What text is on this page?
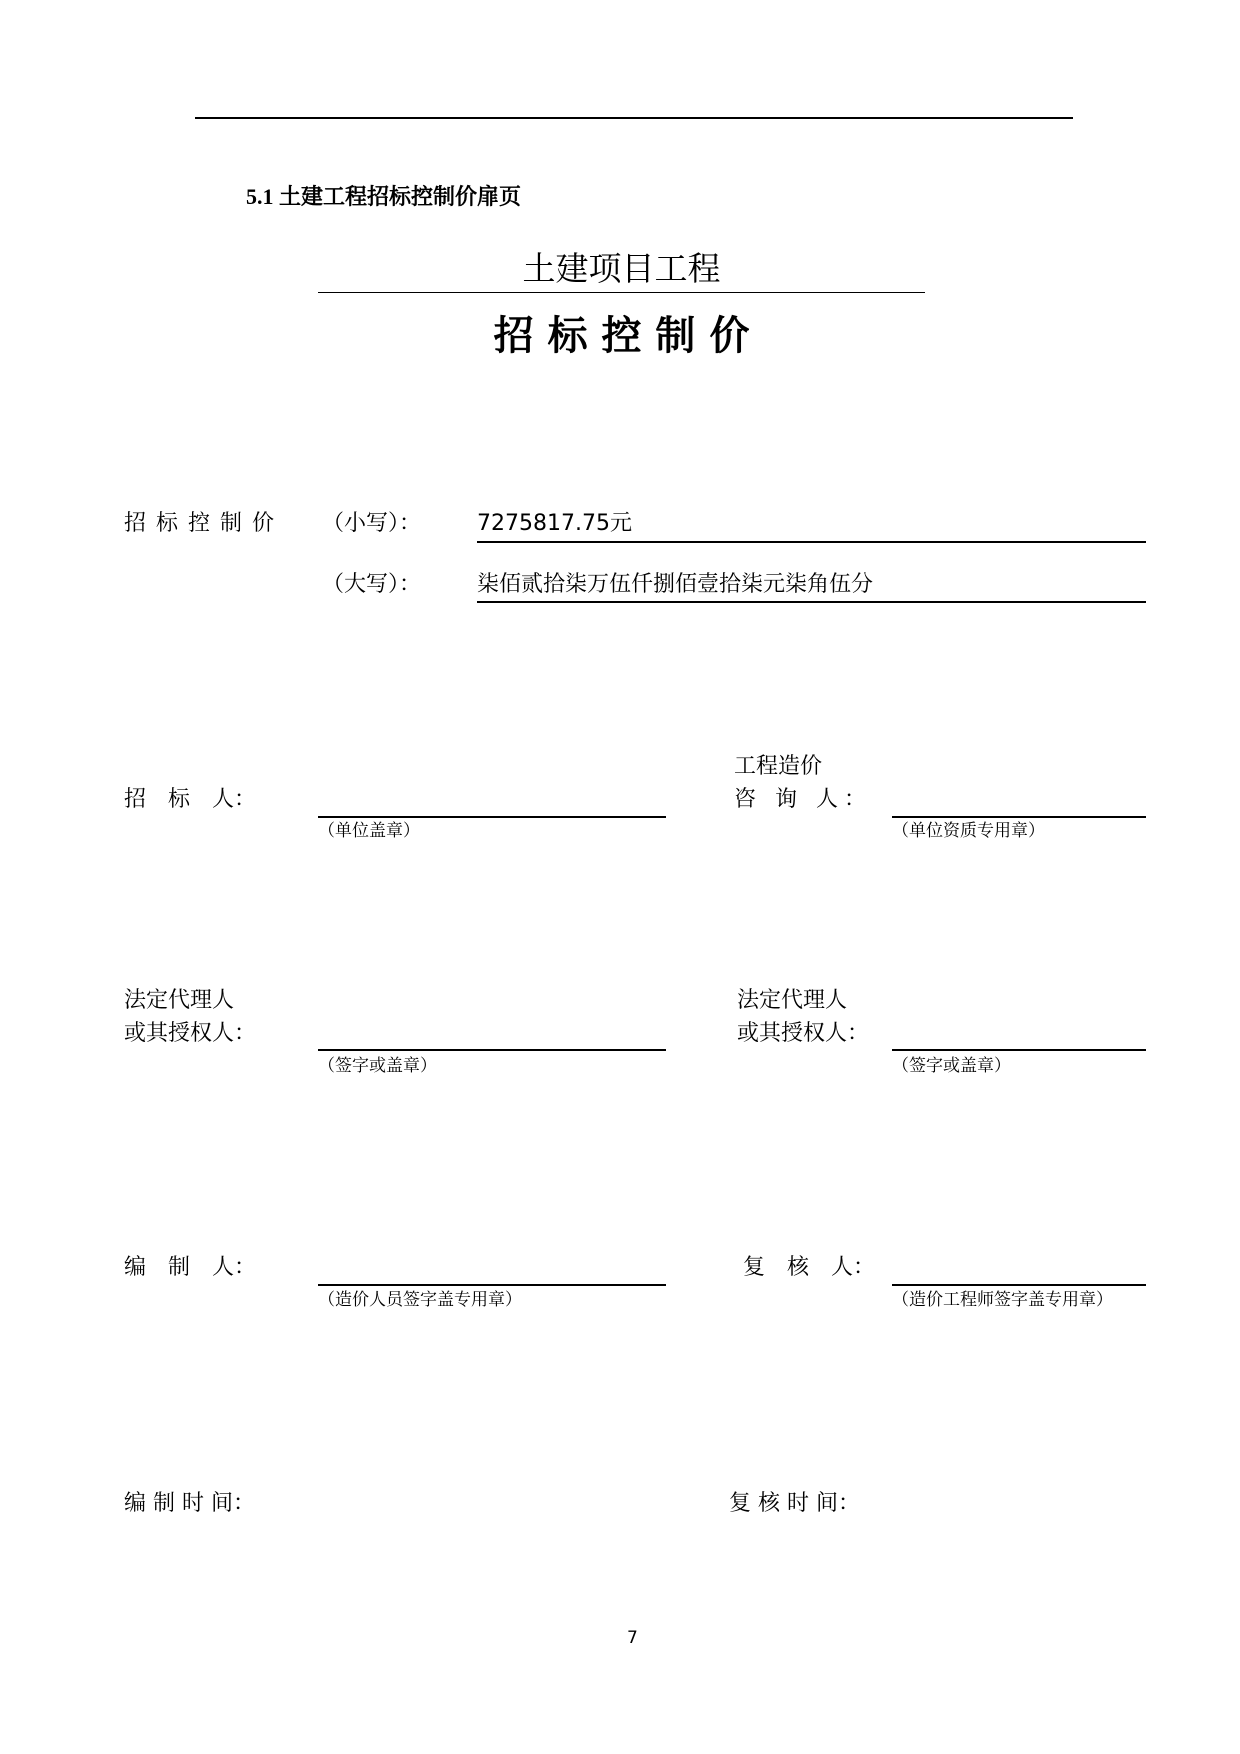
5.1 土建工程招标控制价扉页
土建项目工程
招 标 控 制 价
招标控制价 （小写）：	7275817.75元
（大写）：	柒佰贰拾柒万伍仟捌佰壹拾柒元柒角伍分
招　标　人：
（单位盖章）
工程造价
咨 询 人：
（单位资质专用章）
法定代理人
或其授权人：
（签字或盖章）
法定代理人
或其授权人：
（签字或盖章）
编　制　人：
（造价人员签字盖专用章）
复　核　人：
（造价工程师签字盖专用章）
编 制 时 间：	复 核 时 间：
7
